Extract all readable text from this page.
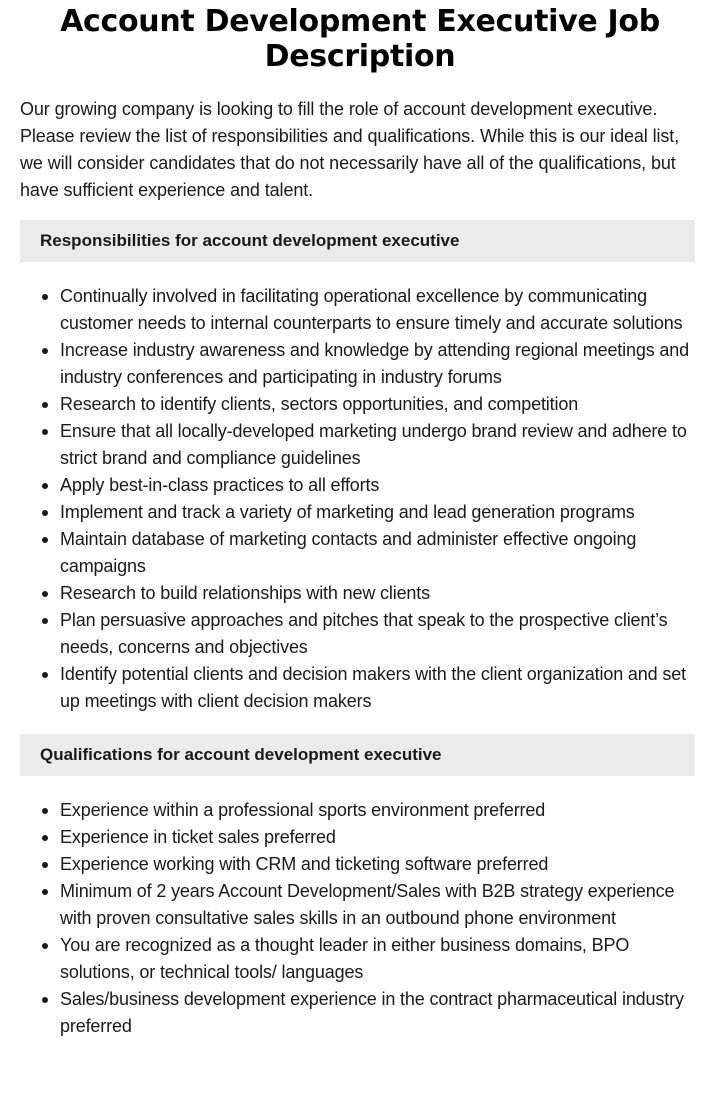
Account Development Executive Job Description

Our growing company is looking to fill the role of account development executive. Please review the list of responsibilities and qualifications. While this is our ideal list, we will consider candidates that do not necessarily have all of the qualifications, but have sufficient experience and talent.

Responsibilities for account development executive
Continually involved in facilitating operational excellence by communicating customer needs to internal counterparts to ensure timely and accurate solutions
Increase industry awareness and knowledge by attending regional meetings and industry conferences and participating in industry forums
Research to identify clients, sectors opportunities, and competition
Ensure that all locally-developed marketing undergo brand review and adhere to strict brand and compliance guidelines
Apply best-in-class practices to all efforts
Implement and track a variety of marketing and lead generation programs
Maintain database of marketing contacts and administer effective ongoing campaigns
Research to build relationships with new clients
Plan persuasive approaches and pitches that speak to the prospective client’s needs, concerns and objectives
Identify potential clients and decision makers with the client organization and set up meetings with client decision makers
Qualifications for account development executive
Experience within a professional sports environment preferred
Experience in ticket sales preferred
Experience working with CRM and ticketing software preferred
Minimum of 2 years Account Development/Sales with B2B strategy experience with proven consultative sales skills in an outbound phone environment
You are recognized as a thought leader in either business domains, BPO solutions, or technical tools/ languages
Sales/business development experience in the contract pharmaceutical industry preferred
